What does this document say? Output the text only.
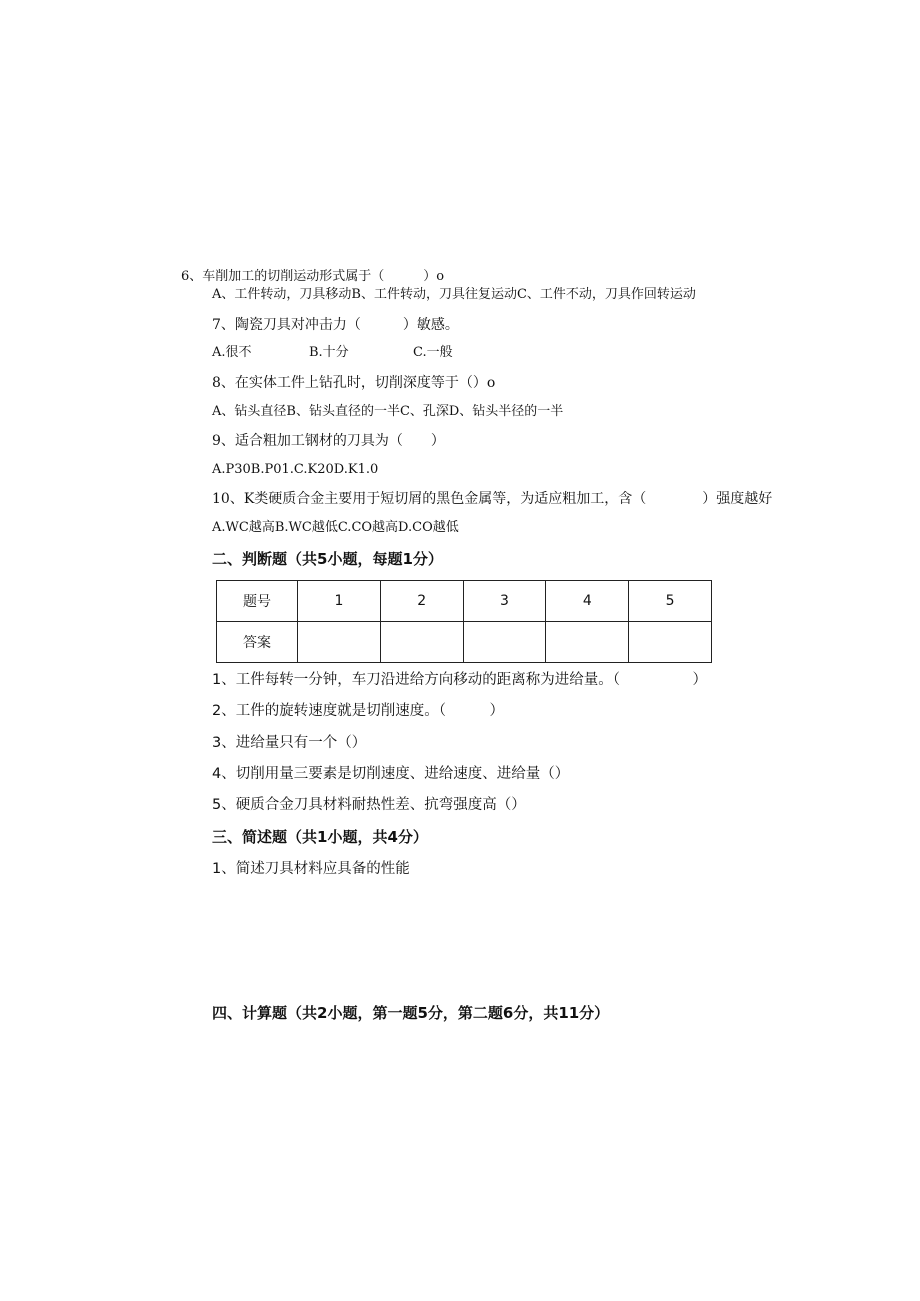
6、车削加工的切削运动形式属于（　　　）o
A、工件转动，刀具移动B、工件转动，刀具往复运动C、工件不动，刀具作回转运动
7、陶瓷刀具对冲击力（　　　）敏感。
A.很不	B.十分	C.一般
8、在实体工件上钻孔时，切削深度等于（）o
A、钻头直径B、钻头直径的一半C、孔深D、钻头半径的一半
9、适合粗加工钢材的刀具为（　　）
A.P30B.P01.C.K20D.K1.0
10、K类硬质合金主要用于短切屑的黑色金属等，为适应粗加工，含（　　　　）强度越好
A.WC越高B.WC越低C.CO越高D.CO越低
二、判断题（共5小题，每题1分）
题号	1	2	3	4	5
答案					
1、工件每转一分钟，车刀沿进给方向移动的距离称为进给量。（　　　　　）
2、工件的旋转速度就是切削速度。（　　　）
3、进给量只有一个（）
4、切削用量三要素是切削速度、进给速度、进给量（）
5、硬质合金刀具材料耐热性差、抗弯强度高（）
三、简述题（共1小题，共4分）
1、简述刀具材料应具备的性能
四、计算题（共2小题，第一题5分，第二题6分，共11分）
